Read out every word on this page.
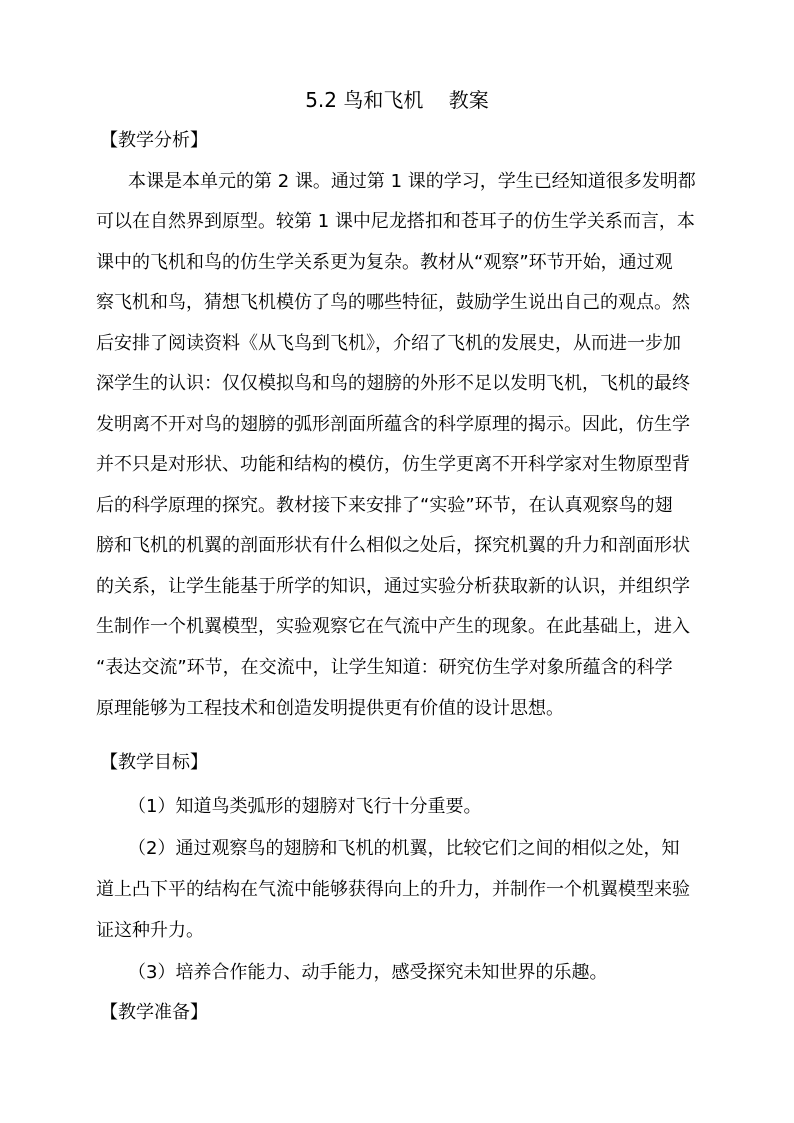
5.2 鸟和飞机    教案
【教学分析】
本课是本单元的第 2 课。通过第 1 课的学习，学生已经知道很多发明都
可以在自然界到原型。较第 1 课中尼龙搭扣和苍耳子的仿生学关系而言，本
课中的飞机和鸟的仿生学关系更为复杂。教材从“观察”环节开始，通过观
察飞机和鸟，猜想飞机模仿了鸟的哪些特征，鼓励学生说出自己的观点。然
后安排了阅读资料《从飞鸟到飞机》，介绍了飞机的发展史，从而进一步加
深学生的认识：仅仅模拟鸟和鸟的翅膀的外形不足以发明飞机，飞机的最终
发明离不开对鸟的翅膀的弧形剖面所蕴含的科学原理的揭示。因此，仿生学
并不只是对形状、功能和结构的模仿，仿生学更离不开科学家对生物原型背
后的科学原理的探究。教材接下来安排了“实验”环节，在认真观察鸟的翅
膀和飞机的机翼的剖面形状有什么相似之处后，探究机翼的升力和剖面形状
的关系，让学生能基于所学的知识，通过实验分析获取新的认识，并组织学
生制作一个机翼模型，实验观察它在气流中产生的现象。在此基础上，进入
“表达交流”环节，在交流中，让学生知道：研究仿生学对象所蕴含的科学
原理能够为工程技术和创造发明提供更有价值的设计思想。
【教学目标】
（1）知道鸟类弧形的翅膀对飞行十分重要。
（2）通过观察鸟的翅膀和飞机的机翼，比较它们之间的相似之处，知
道上凸下平的结构在气流中能够获得向上的升力，并制作一个机翼模型来验
证这种升力。
（3）培养合作能力、动手能力，感受探究未知世界的乐趣。
【教学准备】
